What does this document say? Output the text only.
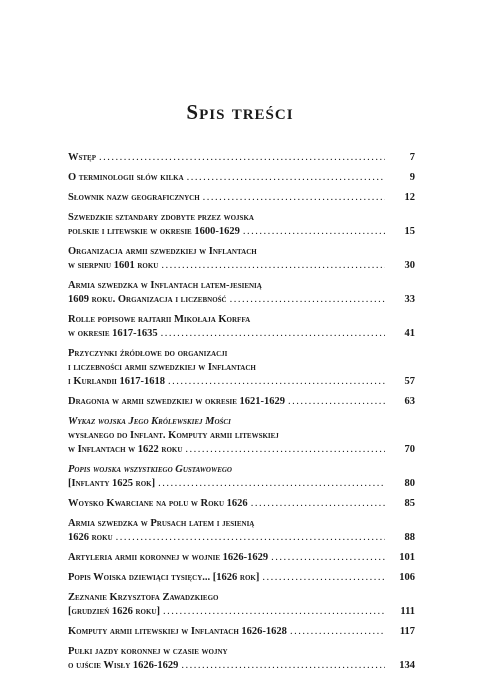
Spis treści
Wstęp .....	7
O terminologii słów kilka .....	9
Słownik nazw geograficznych .....	12
Szwedzkie sztandary zdobyte przez wojska
polskie i litewskie w okresie 1600-1629 .....	15
Organizacja armii szwedzkiej w Inflantach
w sierpniu 1601 roku .....	30
Armia szwedzka w Inflantach latem-jesienią
1609 roku. Organizacja i liczebność .....	33
Rolle popisowe rajtarii Mikołaja Korffa
w okresie 1617-1635 .....	41
Przyczynki źródłowe do organizacji
i liczebności armii szwedzkiej w Inflantach
i Kurlandii 1617-1618 .....	57
Dragonia w armii szwedzkiej w okresie 1621-1629 .....	63
Wykaz wojska Jego Królewskiej Mości
wysłanego do Inflant. Komputy armii litewskiej
w Inflantach w 1622 roku .....	70
Popis wojska wszystkiego Gustawowego
[Inflanty 1625 rok] .....	80
Woysko Kwarciane na polu w Roku 1626 .....	85
Armia szwedzka w Prusach latem i jesienią
1626 roku .....	88
Artyleria armii koronnej w wojnie 1626-1629 .....	101
Popis Woiska dziewiąci tysięcy... [1626 rok] .....	106
Zeznanie Krzysztofa Zawadzkiego
[grudzień 1626 roku] .....	111
Komputy armii litewskiej w Inflantach 1626-1628 .....	117
Pułki jazdy koronnej w czasie wojny
o ujście Wisły 1626-1629 .....	134
